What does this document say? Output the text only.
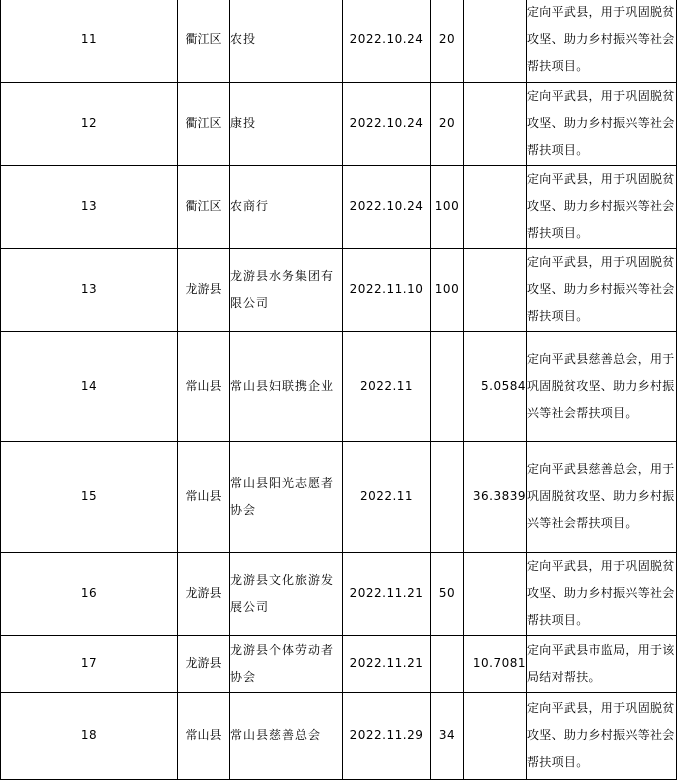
11	衢江区	农投	2022.10.24	20		定向平武县，用于巩固脱贫攻坚、助力乡村振兴等社会帮扶项目。
12	衢江区	康投	2022.10.24	20		定向平武县，用于巩固脱贫攻坚、助力乡村振兴等社会帮扶项目。
13	衢江区	农商行	2022.10.24	100		定向平武县，用于巩固脱贫攻坚、助力乡村振兴等社会帮扶项目。
13	龙游县	龙游县水务集团有限公司	2022.11.10	100		定向平武县，用于巩固脱贫攻坚、助力乡村振兴等社会帮扶项目。
14	常山县	常山县妇联携企业	2022.11		5.0584	定向平武县慈善总会，用于巩固脱贫攻坚、助力乡村振兴等社会帮扶项目。
15	常山县	常山县阳光志愿者协会	2022.11		36.3839	定向平武县慈善总会，用于巩固脱贫攻坚、助力乡村振兴等社会帮扶项目。
16	龙游县	龙游县文化旅游发展公司	2022.11.21	50		定向平武县，用于巩固脱贫攻坚、助力乡村振兴等社会帮扶项目。
17	龙游县	龙游县个体劳动者协会	2022.11.21		10.7081	定向平武县市监局，用于该局结对帮扶。
18	常山县	常山县慈善总会	2022.11.29	34		定向平武县，用于巩固脱贫攻坚、助力乡村振兴等社会帮扶项目。
